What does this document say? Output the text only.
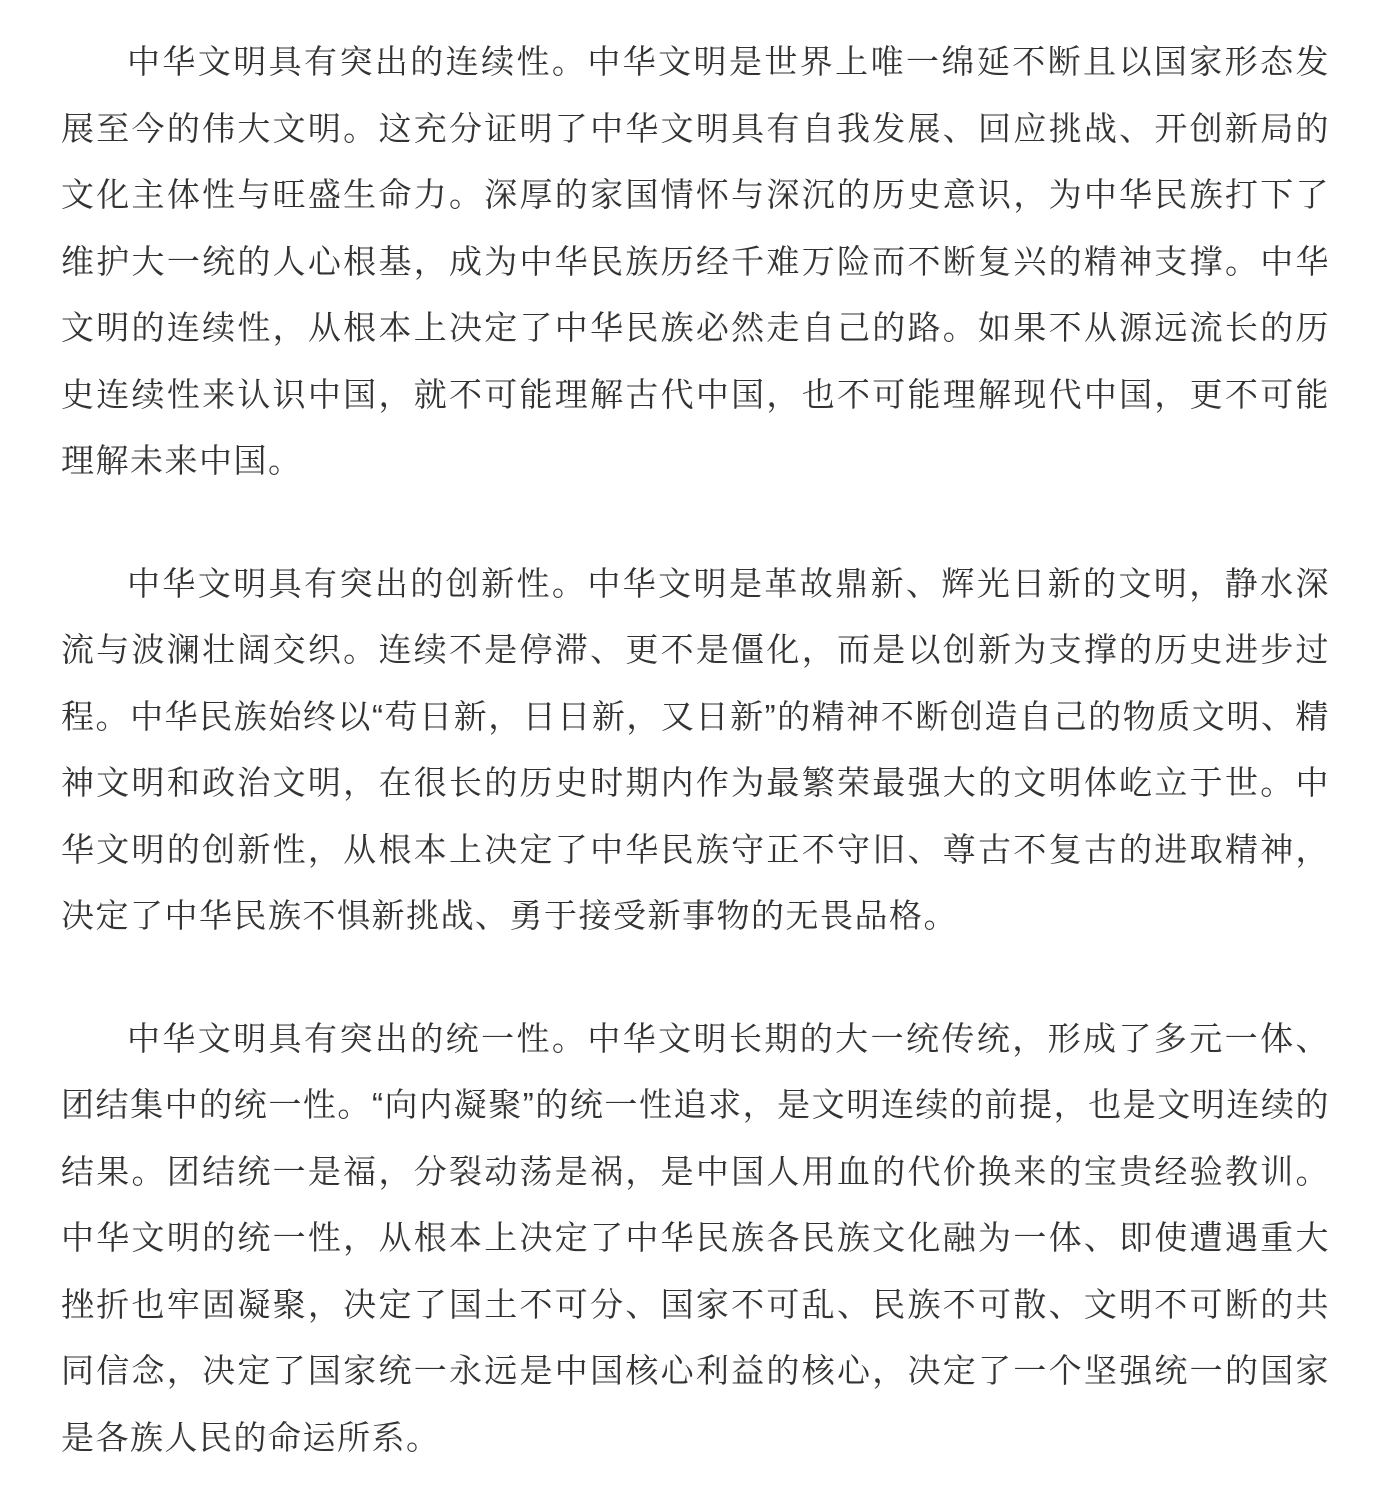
中华文明具有突出的连续性。中华文明是世界上唯一绵延不断且以国家形态发展至今的伟大文明。这充分证明了中华文明具有自我发展、回应挑战、开创新局的文化主体性与旺盛生命力。深厚的家国情怀与深沉的历史意识，为中华民族打下了维护大一统的人心根基，成为中华民族历经千难万险而不断复兴的精神支撑。中华文明的连续性，从根本上决定了中华民族必然走自己的路。如果不从源远流长的历史连续性来认识中国，就不可能理解古代中国，也不可能理解现代中国，更不可能理解未来中国。

中华文明具有突出的创新性。中华文明是革故鼎新、辉光日新的文明，静水深流与波澜壮阔交织。连续不是停滞、更不是僵化，而是以创新为支撑的历史进步过程。中华民族始终以“苟日新，日日新，又日新”的精神不断创造自己的物质文明、精神文明和政治文明，在很长的历史时期内作为最繁荣最强大的文明体屹立于世。中华文明的创新性，从根本上决定了中华民族守正不守旧、尊古不复古的进取精神，决定了中华民族不惧新挑战、勇于接受新事物的无畏品格。

中华文明具有突出的统一性。中华文明长期的大一统传统，形成了多元一体、团结集中的统一性。“向内凝聚”的统一性追求，是文明连续的前提，也是文明连续的结果。团结统一是福，分裂动荡是祸，是中国人用血的代价换来的宝贵经验教训。中华文明的统一性，从根本上决定了中华民族各民族文化融为一体、即使遭遇重大挫折也牢固凝聚，决定了国土不可分、国家不可乱、民族不可散、文明不可断的共同信念，决定了国家统一永远是中国核心利益的核心，决定了一个坚强统一的国家是各族人民的命运所系。
